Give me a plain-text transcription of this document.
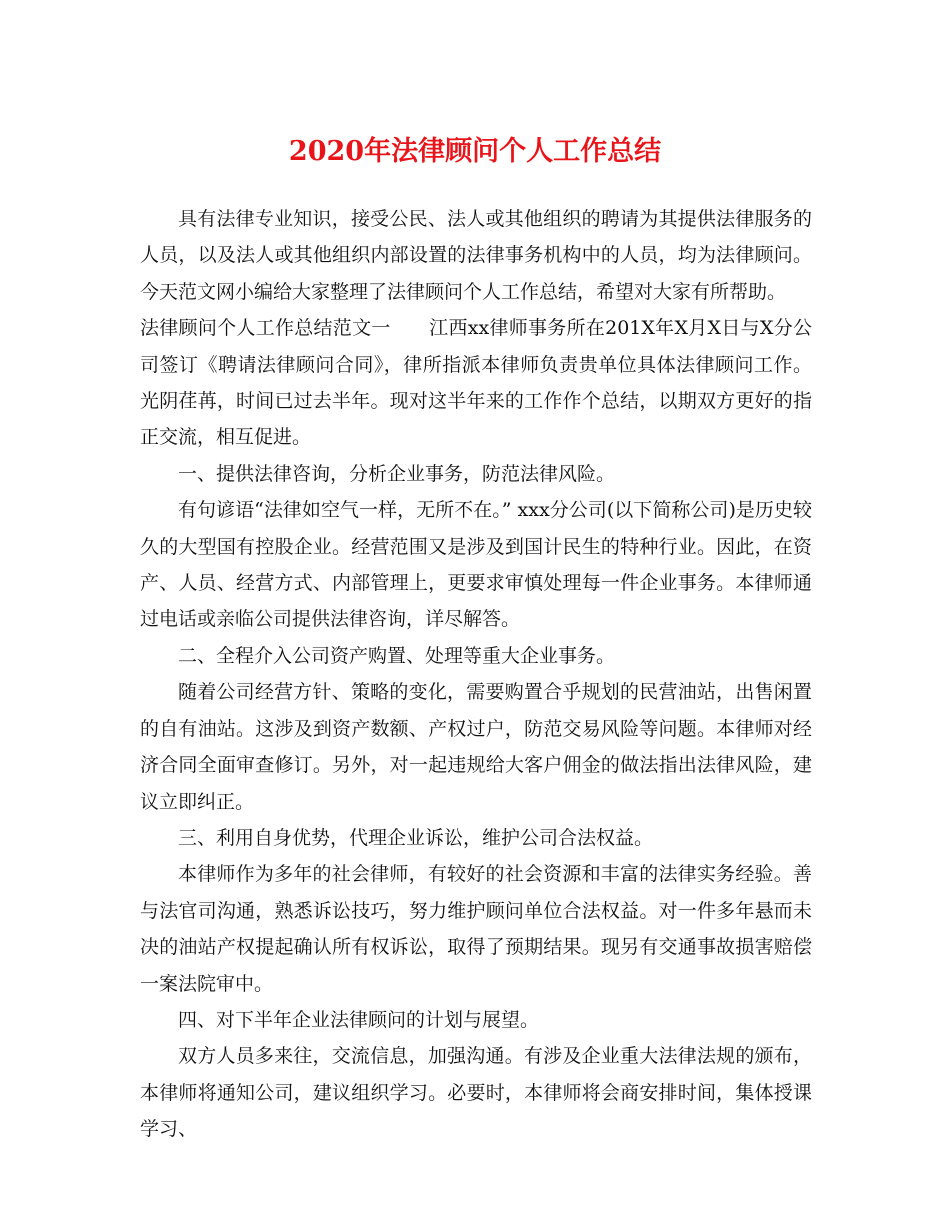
2020年法律顾问个人工作总结

具有法律专业知识，接受公民、法人或其他组织的聘请为其提供法律服务的人员，以及法人或其他组织内部设置的法律事务机构中的人员，均为法律顾问。今天范文网小编给大家整理了法律顾问个人工作总结，希望对大家有所帮助。

法律顾问个人工作总结范文一　　江西xx律师事务所在201X年X月X日与X分公司签订《聘请法律顾问合同》，律所指派本律师负责贵单位具体法律顾问工作。光阴荏苒，时间已过去半年。现对这半年来的工作作个总结，以期双方更好的指正交流，相互促进。

一、提供法律咨询，分析企业事务，防范法律风险。

有句谚语“法律如空气一样，无所不在。” xxx分公司(以下简称公司)是历史较久的大型国有控股企业。经营范围又是涉及到国计民生的特种行业。因此，在资产、人员、经营方式、内部管理上，更要求审慎处理每一件企业事务。本律师通过电话或亲临公司提供法律咨询，详尽解答。

二、全程介入公司资产购置、处理等重大企业事务。

随着公司经营方针、策略的变化，需要购置合乎规划的民营油站，出售闲置的自有油站。这涉及到资产数额、产权过户，防范交易风险等问题。本律师对经济合同全面审查修订。另外，对一起违规给大客户佣金的做法指出法律风险，建议立即纠正。

三、利用自身优势，代理企业诉讼，维护公司合法权益。

本律师作为多年的社会律师，有较好的社会资源和丰富的法律实务经验。善与法官司沟通，熟悉诉讼技巧，努力维护顾问单位合法权益。对一件多年悬而未决的油站产权提起确认所有权诉讼，取得了预期结果。现另有交通事故损害赔偿一案法院审中。

四、对下半年企业法律顾问的计划与展望。

双方人员多来往，交流信息，加强沟通。有涉及企业重大法律法规的颁布，本律师将通知公司，建议组织学习。必要时，本律师将会商安排时间，集体授课学习、
